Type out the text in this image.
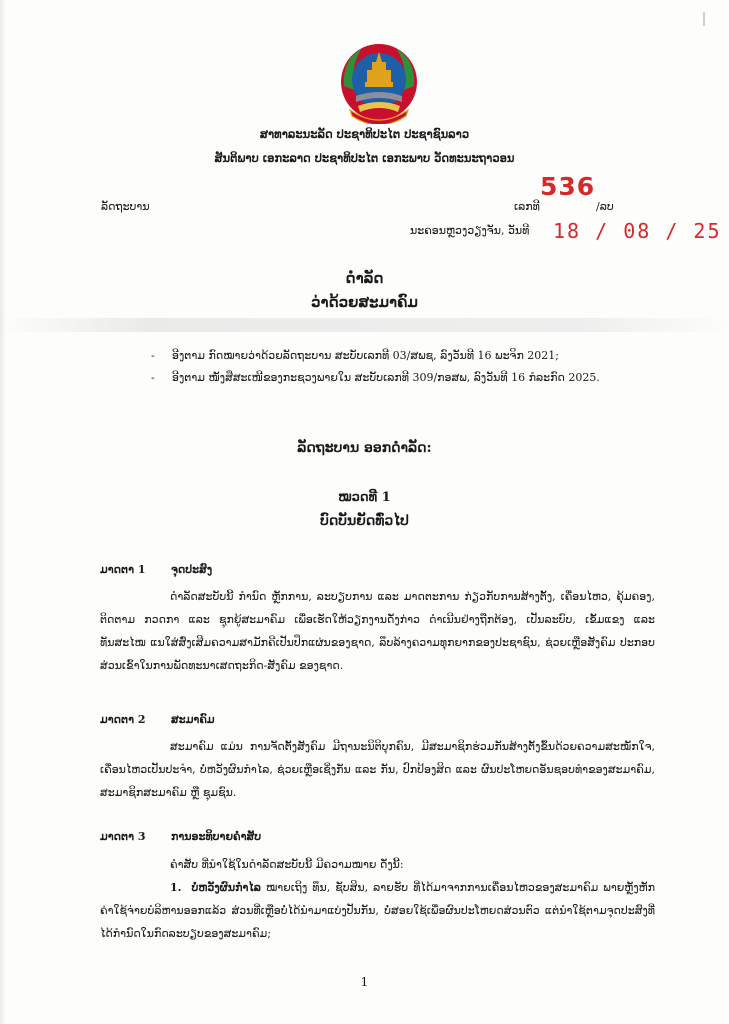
ສາທາລະນະລັດ ປະຊາທິປະໄຕ ປະຊາຊົນລາວ
ສັນຕິພາບ ເອກະລາດ ປະຊາທິປະໄຕ ເອກະພາບ ວັດທະນະຖາວອນ
ລັດຖະບານ
536
ເລກທີ	/ລບ
ນະຄອນຫຼວງວຽງຈັນ, ວັນທີ 18 / 08 / 25
ດໍາລັດ
ວ່າດ້ວຍສະມາຄົມ
- ອີງຕາມ ກົດໝາຍວ່າດ້ວຍລັດຖະບານ ສະບັບເລກທີ 03/ສພຊ, ລົງວັນທີ 16 ພະຈິກ 2021;
- ອີງຕາມ ໜັງສືສະເໜີຂອງກະຊວງພາຍໃນ ສະບັບເລກທີ 309/ກອສພ, ລົງວັນທີ 16 ກໍລະກົດ 2025.
ລັດຖະບານ ອອກດໍາລັດ:
ໝວດທີ 1
ບົດບັນຍັດທົ່ວໄປ
ມາດຕາ 1 ຈຸດປະສົງ
ດໍາລັດສະບັບນີ້ ກໍານົດ ຫຼັກການ, ລະບຽບການ ແລະ ມາດຕະການ ກ່ຽວກັບການສ້າງຕັ້ງ, ເຄື່ອນໄຫວ, ຄຸ້ມຄອງ, ຕິດຕາມ ກວດກາ ແລະ ຊຸກຍູ້ສະມາຄົມ ເພື່ອເຮັດໃຫ້ວຽກງານດັ່ງກ່າວ ດໍາເນີນຢ່າງຖືກຕ້ອງ, ເປັນລະບົບ, ເຂັ້ມແຂງ ແລະ ທັນສະໄໝ ແນໃສ່ສົ່ງເສີມຄວາມສາມັກຄີເປັນປຶກແຜ່ນຂອງຊາດ, ລຶບລ້າງຄວາມທຸກຍາກຂອງປະຊາຊົນ, ຊ່ວຍເຫຼືອສັງຄົມ ປະກອບສ່ວນເຂົ້າໃນການພັດທະນາເສດຖະກິດ-ສັງຄົມ ຂອງຊາດ.
ມາດຕາ 2 ສະມາຄົມ
ສະມາຄົມ ແມ່ນ ການຈັດຕັ້ງສັງຄົມ ມີຖານະນິຕິບຸກຄົນ, ມີສະມາຊິກຮ່ວມກັນສ້າງຕັ້ງຂຶ້ນດ້ວຍຄວາມສະໝັກໃຈ, ເຄື່ອນໄຫວເປັນປະຈໍາ, ບໍ່ຫວັງຜົນກໍາໄລ, ຊ່ວຍເຫຼືອເຊິ່ງກັນ ແລະ ກັນ, ປົກປ້ອງສິດ ແລະ ຜົນປະໂຫຍດອັນຊອບທໍາຂອງສະມາຄົມ, ສະມາຊິກສະມາຄົມ ຫຼື ຊຸມຊົນ.
ມາດຕາ 3 ການອະທິບາຍຄໍາສັບ
ຄໍາສັບ ທີ່ນໍາໃຊ້ໃນດໍາລັດສະບັບນີ້ ມີຄວາມໝາຍ ດັ່ງນີ້:
1. ບໍ່ຫວັງຜົນກໍາໄລ ໝາຍເຖິງ ທຶນ, ຊັບສິນ, ລາຍຮັບ ທີ່ໄດ້ມາຈາກການເຄື່ອນໄຫວຂອງສະມາຄົມ ພາຍຫຼັງຫັກຄ່າໃຊ້ຈ່າຍບໍລິຫານອອກແລ້ວ ສ່ວນທີ່ເຫຼືອບໍ່ໄດ້ນໍາມາແບ່ງປັນກັນ, ບໍ່ສອຍໃຊ້ເພື່ອຜົນປະໂຫຍດສ່ວນຕົວ ແຕ່ນໍາໃຊ້ຕາມຈຸດປະສົງທີ່ໄດ້ກໍານົດໃນກົດລະບຽບຂອງສະມາຄົມ;
1
